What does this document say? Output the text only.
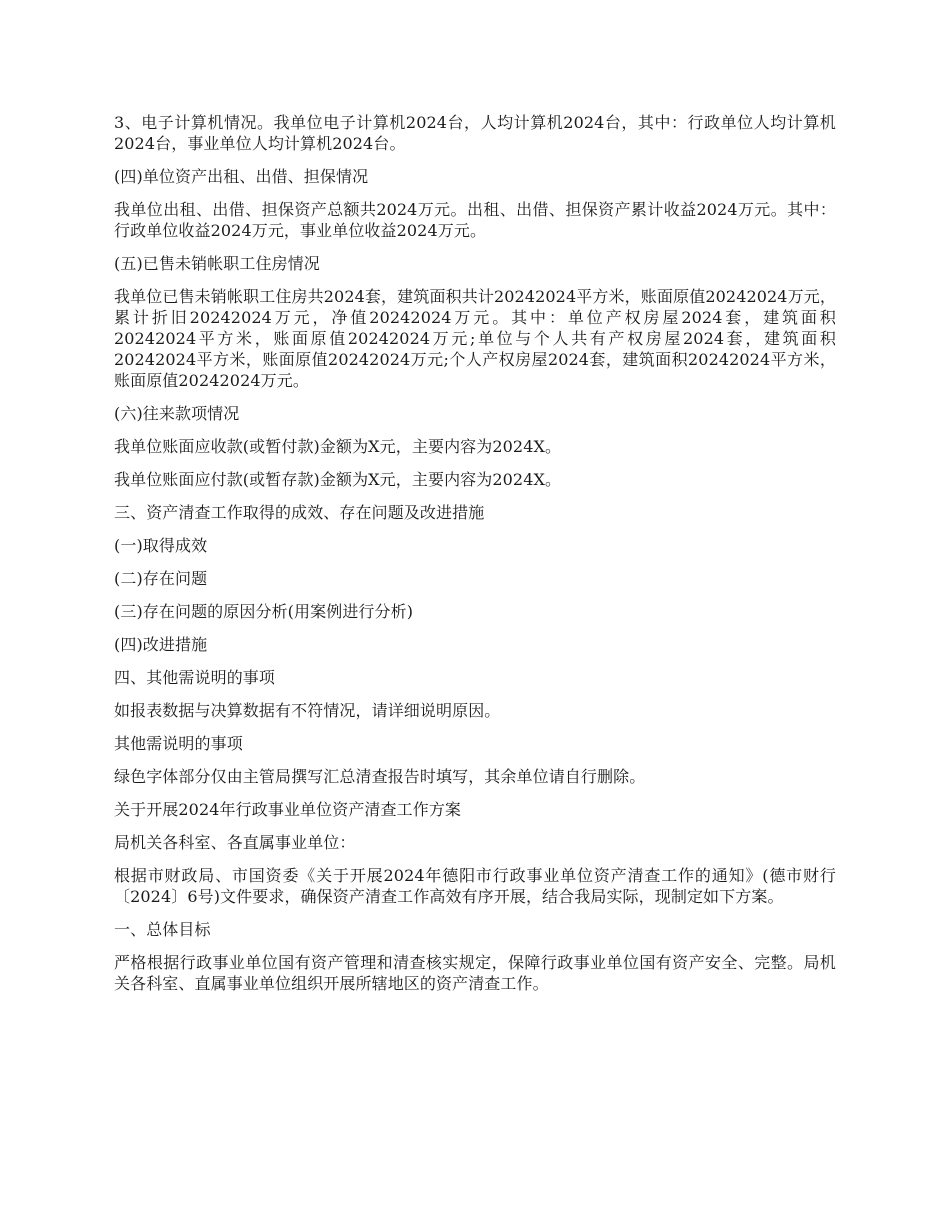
3、电子计算机情况。我单位电子计算机2024台，人均计算机2024台，其中：行政单位人均计算机2024台，事业单位人均计算机2024台。

(四)单位资产出租、出借、担保情况

我单位出租、出借、担保资产总额共2024万元。出租、出借、担保资产累计收益2024万元。其中：行政单位收益2024万元，事业单位收益2024万元。

(五)已售未销帐职工住房情况

我单位已售未销帐职工住房共2024套，建筑面积共计20242024平方米，账面原值20242024万元，累计折旧20242024万元，净值20242024万元。其中：单位产权房屋2024套，建筑面积20242024平方米，账面原值20242024万元;单位与个人共有产权房屋2024套，建筑面积20242024平方米，账面原值20242024万元;个人产权房屋2024套，建筑面积20242024平方米，账面原值20242024万元。

(六)往来款项情况

我单位账面应收款(或暂付款)金额为X元，主要内容为2024X。

我单位账面应付款(或暂存款)金额为X元，主要内容为2024X。

三、资产清查工作取得的成效、存在问题及改进措施

(一)取得成效

(二)存在问题

(三)存在问题的原因分析(用案例进行分析)

(四)改进措施

四、其他需说明的事项

如报表数据与决算数据有不符情况，请详细说明原因。

其他需说明的事项

绿色字体部分仅由主管局撰写汇总清查报告时填写，其余单位请自行删除。

关于开展2024年行政事业单位资产清查工作方案

局机关各科室、各直属事业单位：

根据市财政局、市国资委《关于开展2024年德阳市行政事业单位资产清查工作的通知》(德市财行〔2024〕6号)文件要求，确保资产清查工作高效有序开展，结合我局实际，现制定如下方案。

一、总体目标

严格根据行政事业单位国有资产管理和清查核实规定，保障行政事业单位国有资产安全、完整。局机关各科室、直属事业单位组织开展所辖地区的资产清查工作。
